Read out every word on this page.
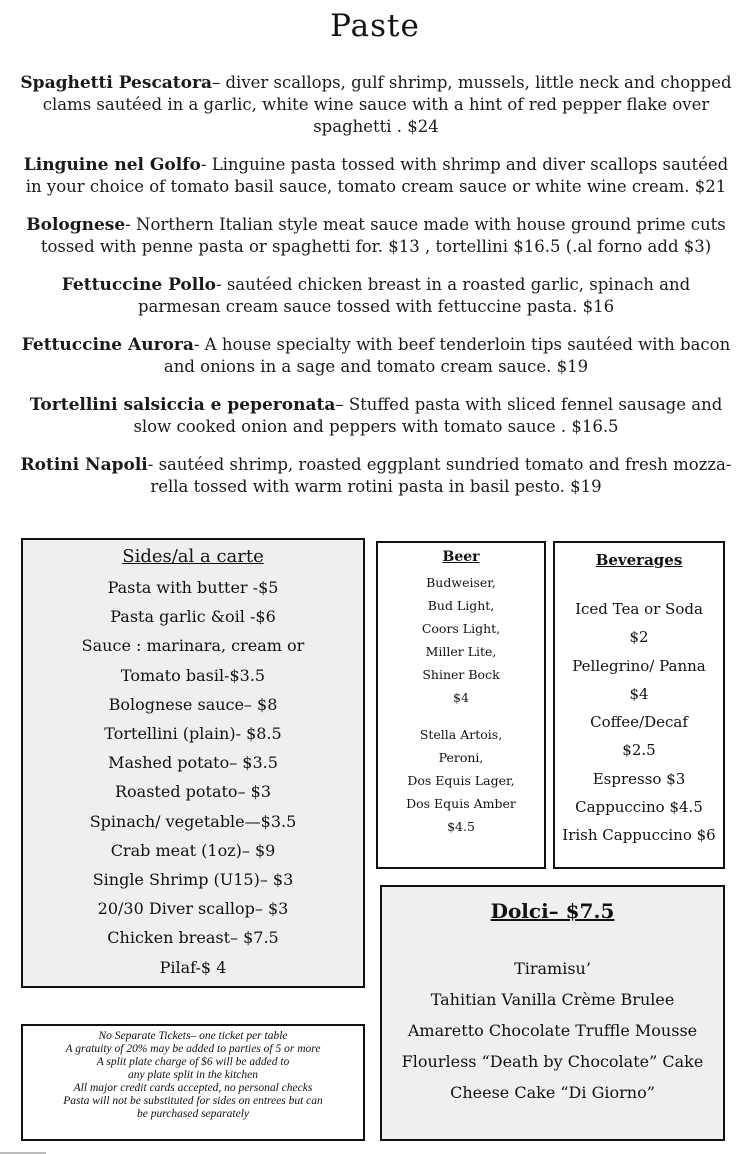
Paste
Spaghetti Pescatora– diver scallops, gulf shrimp, mussels, little neck and chopped clams sautéed in a garlic, white wine sauce with a hint of red pepper flake over spaghetti . $24
Linguine nel Golfo- Linguine pasta tossed with shrimp and diver scallops sautéed in your choice of tomato basil sauce, tomato cream sauce or white wine cream. $21
Bolognese- Northern Italian style meat sauce made with house ground prime cuts tossed with penne pasta or spaghetti for. $13 , tortellini $16.5 (.al forno add $3)
Fettuccine Pollo- sautéed chicken breast in a roasted garlic, spinach and parmesan cream sauce tossed with fettuccine pasta. $16
Fettuccine Aurora- A house specialty with beef tenderloin tips sautéed with bacon and onions in a sage and tomato cream sauce. $19
Tortellini salsiccia e peperonata– Stuffed pasta with sliced fennel sausage and slow cooked onion and peppers with tomato sauce . $16.5
Rotini Napoli- sautéed shrimp, roasted eggplant sundried tomato and fresh mozza-rella tossed with warm rotini pasta in basil pesto. $19
Sides/al a carte
Pasta with butter -$5
Pasta garlic &oil -$6
Sauce : marinara, cream or
Tomato basil-$3.5
Bolognese sauce– $8
Tortellini (plain)- $8.5
Mashed potato– $3.5
Roasted potato– $3
Spinach/ vegetable—$3.5
Crab meat (1oz)– $9
Single Shrimp (U15)– $3
20/30 Diver scallop– $3
Chicken breast– $7.5
Pilaf-$ 4
Beer
Budweiser,
Bud Light,
Coors Light,
Miller Lite,
Shiner Bock
$4
Stella Artois,
Peroni,
Dos Equis Lager,
Dos Equis Amber
$4.5
Beverages
Iced Tea or Soda
$2
Pellegrino/ Panna
$4
Coffee/Decaf
$2.5
Espresso $3
Cappuccino $4.5
Irish Cappuccino $6
Dolci– $7.5
Tiramisu’
Tahitian Vanilla Crème Brulee
Amaretto Chocolate Truffle Mousse
Flourless “Death by Chocolate” Cake
Cheese Cake “Di Giorno”
No Separate Tickets– one ticket per table
A gratuity of 20% may be added to parties of 5 or more
A split plate charge of $6 will be added to
any plate split in the kitchen
All major credit cards accepted, no personal checks
Pasta will not be substituted for sides on entrees but can
be purchased separately
